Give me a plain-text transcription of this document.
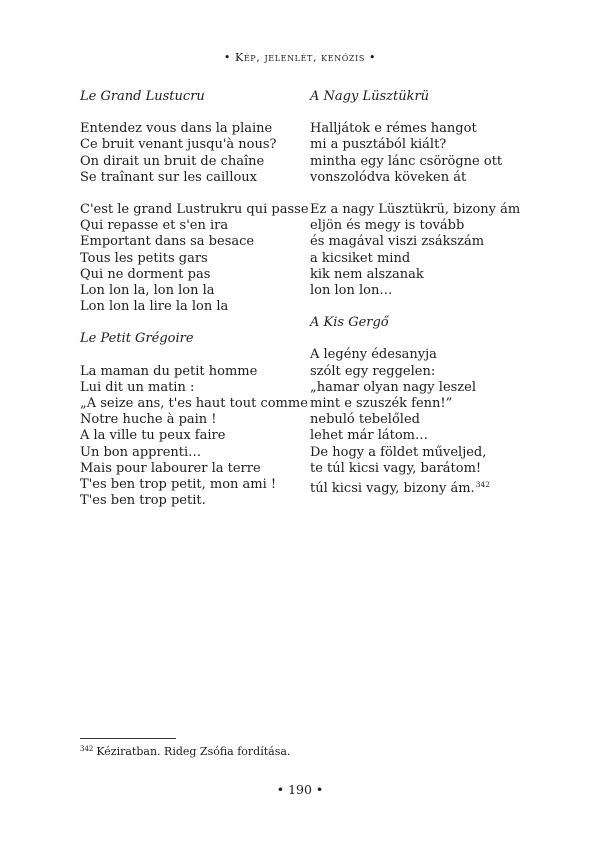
• Kép, jelenlét, kenózis •
Le Grand Lustucru
Entendez vous dans la plaine
Ce bruit venant jusqu'à nous?
On dirait un bruit de chaîne
Se traînant sur les cailloux
C'est le grand Lustrukru qui passe
Qui repasse et s'en ira
Emportant dans sa besace
Tous les petits gars
Qui ne dorment pas
Lon lon la, lon lon la
Lon lon la lire la lon la
Le Petit Grégoire
La maman du petit homme
Lui dit un matin :
„A seize ans, t'es haut tout comme
Notre huche à pain !
A la ville tu peux faire
Un bon apprenti…
Mais pour labourer la terre
T'es ben trop petit, mon ami !
T'es ben trop petit.
A Nagy Lüsztükrü
Halljátok e rémes hangot
mi a pusztából kiált?
mintha egy lánc csörögne ott
vonszolódva köveken át
Ez a nagy Lüsztükrü, bizony ám
eljön és megy is tovább
és magával viszi zsákszám
a kicsiket mind
kik nem alszanak
lon lon lon…
A Kis Gergő
A legény édesanyja
szólt egy reggelen:
„hamar olyan nagy leszel
mint e szuszék fenn!”
nebuló tebelőled
lehet már látom…
De hogy a földet műveljed,
te túl kicsi vagy, barátom!
túl kicsi vagy, bizony ám.$^{342}$
$^{342}$ Kéziratban. Rideg Zsófia fordítása.
• 190 •
